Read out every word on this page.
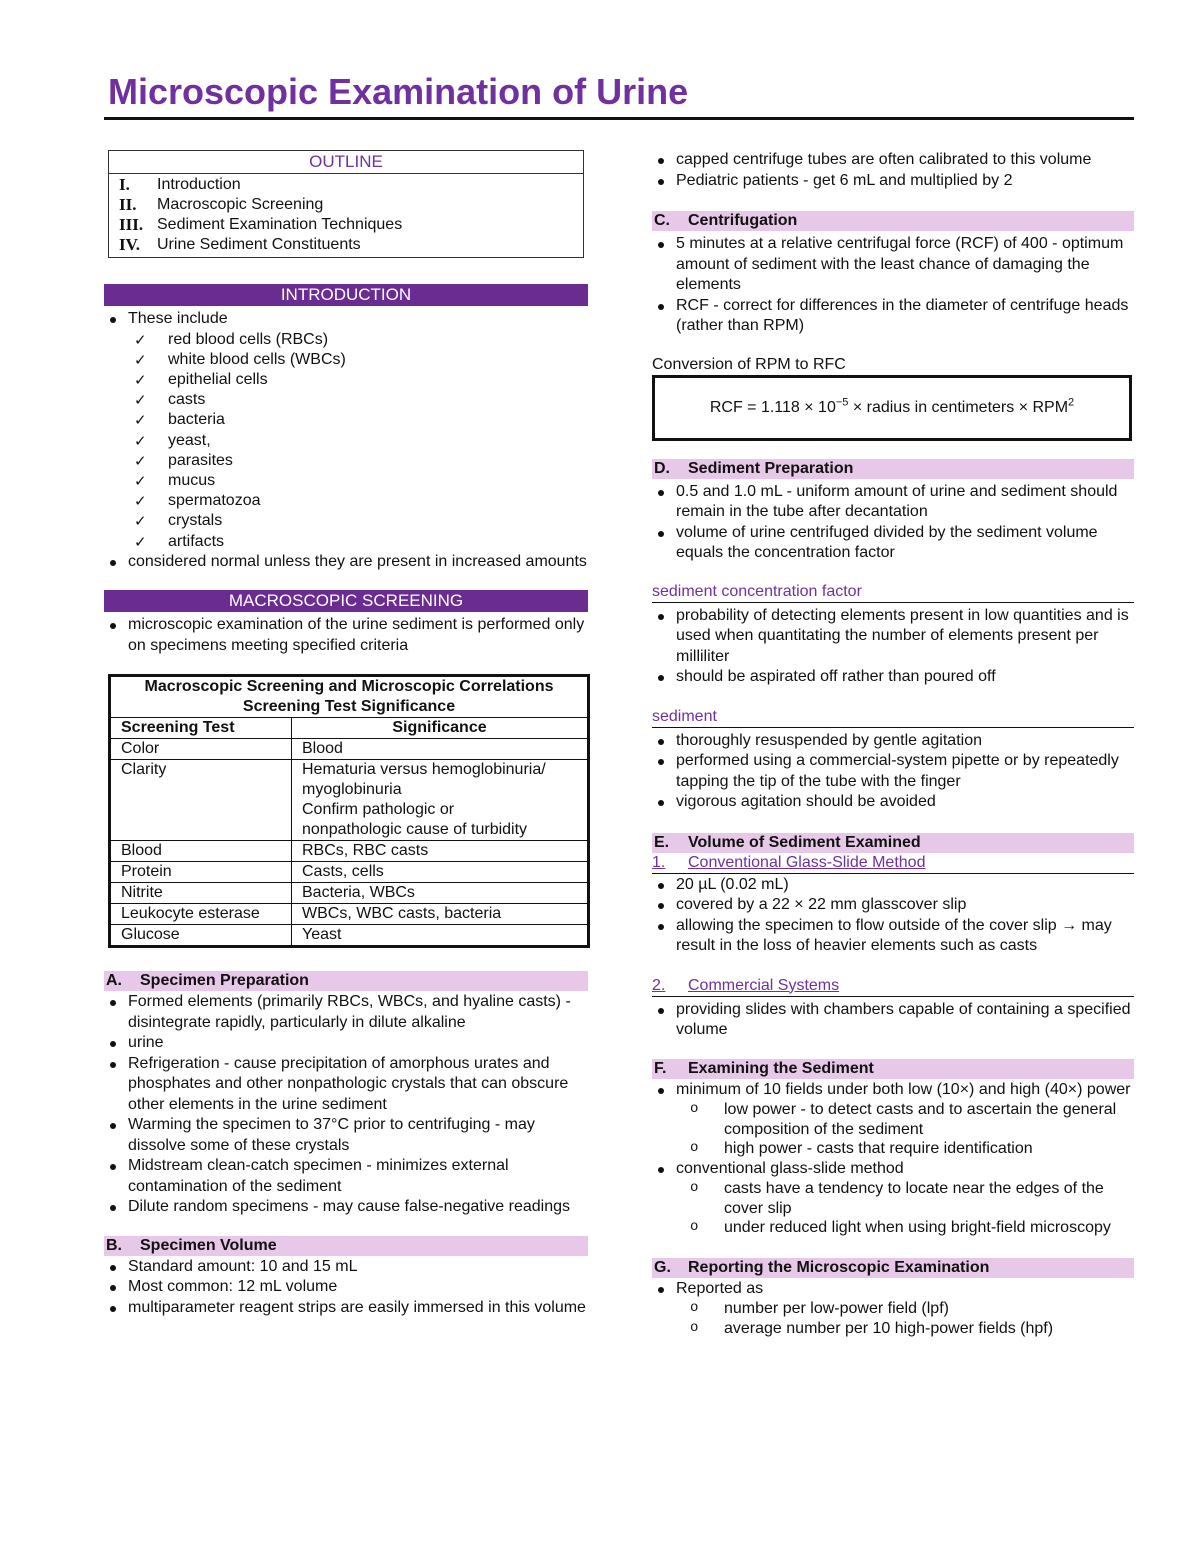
Microscopic Examination of Urine
OUTLINE
I.	Introduction
II.	Macroscopic Screening
III. Sediment Examination Techniques
IV.	Urine Sediment Constituents
INTRODUCTION
These include
✓ red blood cells (RBCs)
✓ white blood cells (WBCs)
✓ epithelial cells
✓ casts
✓ bacteria
✓ yeast,
✓ parasites
✓ mucus
✓ spermatozoa
✓ crystals
✓ artifacts
considered normal unless they are present in increased amounts
MACROSCOPIC SCREENING
microscopic examination of the urine sediment is performed only on specimens meeting specified criteria
Macroscopic Screening and Microscopic Correlations
Screening Test Significance	

Screening Test	Significance
Color	Blood
Clarity	Hematuria versus hemoglobinuria/
myoglobinuria
Confirm pathologic or
nonpathologic cause of turbidity

Blood	RBCs, RBC casts
Protein	Casts, cells
Nitrite	Bacteria, WBCs
Leukocyte esterase	WBCs, WBC casts, bacteria
Glucose	Yeast
A.	Specimen Preparation
Formed elements (primarily RBCs, WBCs, and hyaline casts) - disintegrate rapidly, particularly in dilute alkaline
urine
Refrigeration - cause precipitation of amorphous urates and phosphates and other nonpathologic crystals that can obscure other elements in the urine sediment
Warming the specimen to 37°C prior to centrifuging - may dissolve some of these crystals
Midstream clean-catch specimen - minimizes external contamination of the sediment
Dilute random specimens - may cause false-negative readings
B.	Specimen Volume
Standard amount: 10 and 15 mL
Most common: 12 mL volume
multiparameter reagent strips are easily immersed in this volume
capped centrifuge tubes are often calibrated to this volume
Pediatric patients - get 6 mL and multiplied by 2
C.	Centrifugation
5 minutes at a relative centrifugal force (RCF) of 400 - optimum amount of sediment with the least chance of damaging the elements
RCF - correct for differences in the diameter of centrifuge heads (rather than RPM)
Conversion of RPM to RFC
RCF = $1.118 \times 10^{-5}$ × radius in centimeters × $RPM^2$
D.	Sediment Preparation
0.5 and 1.0 mL - uniform amount of urine and sediment should remain in the tube after decantation
volume of urine centrifuged divided by the sediment volume equals the concentration factor
sediment concentration factor
probability of detecting elements present in low quantities and is used when quantitating the number of elements present per milliliter
should be aspirated off rather than poured off
sediment
thoroughly resuspended by gentle agitation
performed using a commercial-system pipette or by repeatedly tapping the tip of the tube with the finger
vigorous agitation should be avoided
E.	Volume of Sediment Examined
1.	Conventional Glass-Slide Method
20 µL (0.02 mL)
covered by a 22 × 22 mm glasscover slip
allowing the specimen to flow outside of the cover slip → may result in the loss of heavier elements such as casts
2.	Commercial Systems
providing slides with chambers capable of containing a specified volume
F.	Examining the Sediment
minimum of 10 fields under both low (10×) and high (40×) power
o low power - to detect casts and to ascertain the general composition of the sediment
o high power - casts that require identification
conventional glass-slide method
o casts have a tendency to locate near the edges of the cover slip
o under reduced light when using bright-field microscopy
G.	Reporting the Microscopic Examination
Reported as
o number per low-power field (lpf)
o average number per 10 high-power fields (hpf)
